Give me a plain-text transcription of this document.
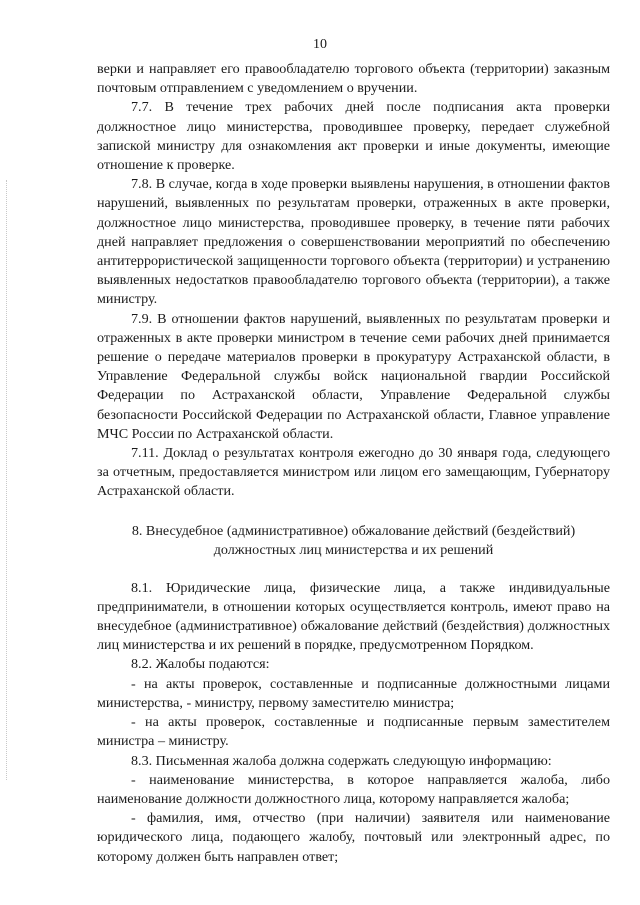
10

верки и направляет его правообладателю торгового объекта (территории) заказным почтовым отправлением с уведомлением о вручении.

7.7. В течение трех рабочих дней после подписания акта проверки должностное лицо министерства, проводившее проверку, передает служебной запиской министру для ознакомления акт проверки и иные документы, имеющие отношение к проверке.

7.8. В случае, когда в ходе проверки выявлены нарушения, в отношении фактов нарушений, выявленных по результатам проверки, отраженных в акте проверки, должностное лицо министерства, проводившее проверку, в течение пяти рабочих дней направляет предложения о совершенствовании мероприятий по обеспечению антитеррористической защищенности торгового объекта (территории) и устранению выявленных недостатков правообладателю торгового объекта (территории), а также министру.

7.9. В отношении фактов нарушений, выявленных по результатам проверки и отраженных в акте проверки министром в течение семи рабочих дней принимается решение о передаче материалов проверки в прокуратуру Астраханской области, в Управление Федеральной службы войск национальной гвардии Российской Федерации по Астраханской области, Управление Федеральной службы безопасности Российской Федерации по Астраханской области, Главное управление МЧС России по Астраханской области.

7.11. Доклад о результатах контроля ежегодно до 30 января года, следующего за отчетным, предоставляется министром или лицом его замещающим, Губернатору Астраханской области.

8. Внесудебное (административное) обжалование действий (бездействий) должностных лиц министерства и их решений

8.1. Юридические лица, физические лица, а также индивидуальные предприниматели, в отношении которых осуществляется контроль, имеют право на внесудебное (административное) обжалование действий (бездействия) должностных лиц министерства и их решений в порядке, предусмотренном Порядком.

8.2. Жалобы подаются:

- на акты проверок, составленные и подписанные должностными лицами министерства, - министру, первому заместителю министра;

- на акты проверок, составленные и подписанные первым заместителем министра – министру.

8.3. Письменная жалоба должна содержать следующую информацию:

- наименование министерства, в которое направляется жалоба, либо наименование должности должностного лица, которому направляется жалоба;

- фамилия, имя, отчество (при наличии) заявителя или наименование юридического лица, подающего жалобу, почтовый или электронный адрес, по которому должен быть направлен ответ;
